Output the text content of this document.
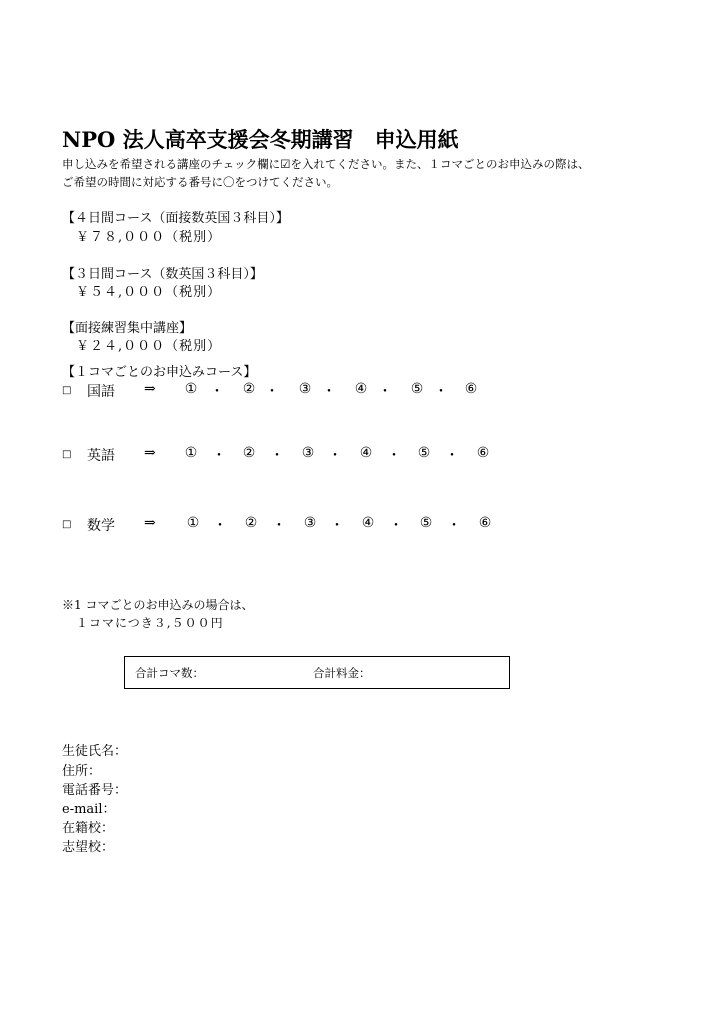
NPO 法人高卒支援会冬期講習　申込用紙
申し込みを希望される講座のチェック欄に☑を入れてください。また、１コマごとのお申込みの際は、
ご希望の時間に対応する番号に〇をつけてください。
【４日間コース（面接数英国３科目）】
￥７８,０００（税別）
【３日間コース（数英国３科目）】
￥５４,０００（税別）
【面接練習集中講座】
￥２４,０００（税別）
【１コマごとのお申込みコース】
□ 国語 ⇒ ① ・ ② ・ ③ ・ ④ ・ ⑤ ・ ⑥
□ 英語 ⇒ ① ・ ② ・ ③ ・ ④ ・ ⑤ ・ ⑥
□ 数学 ⇒ ① ・ ② ・ ③ ・ ④ ・ ⑤ ・ ⑥
※1 コマごとのお申込みの場合は、
１コマにつき３,５００円
合計コマ数：	合計料金：
生徒氏名：
住所：
電話番号：
e-mail：
在籍校：
志望校：
